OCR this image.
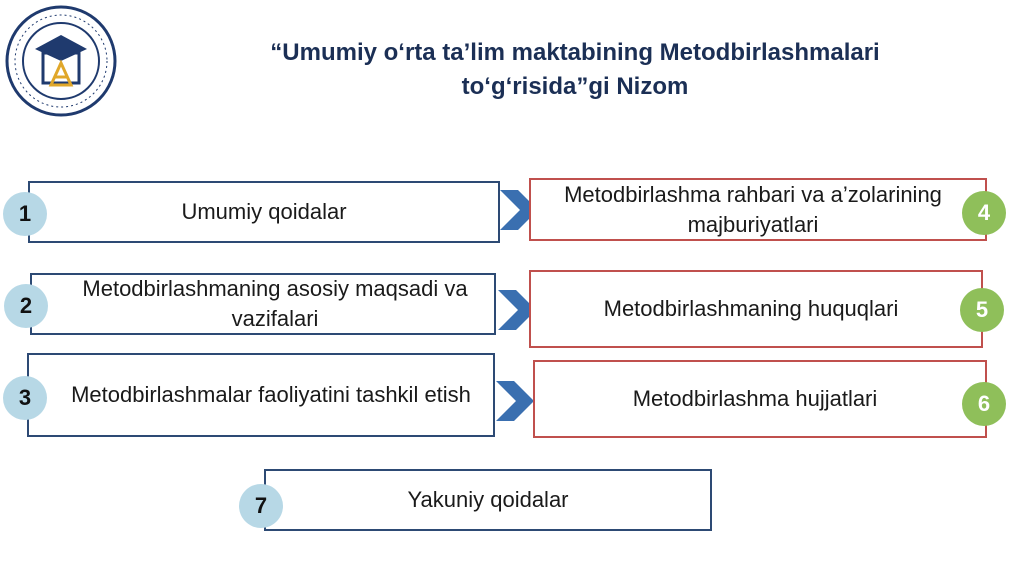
“Umumiy o‘rta ta’lim maktabining Metodbirlashmalari
to‘g‘risida”gi Nizom
Umumiy qoidalar
1
Metodbirlashmaning asosiy maqsadi va vazifalari
2
Metodbirlashmalar faoliyatini tashkil etish
3
Metodbirlashma rahbari va a’zolarining majburiyatlari	4
Metodbirlashmaning huquqlari	5
Metodbirlashma hujjatlari	6
Yakuniy qoidalar
7
